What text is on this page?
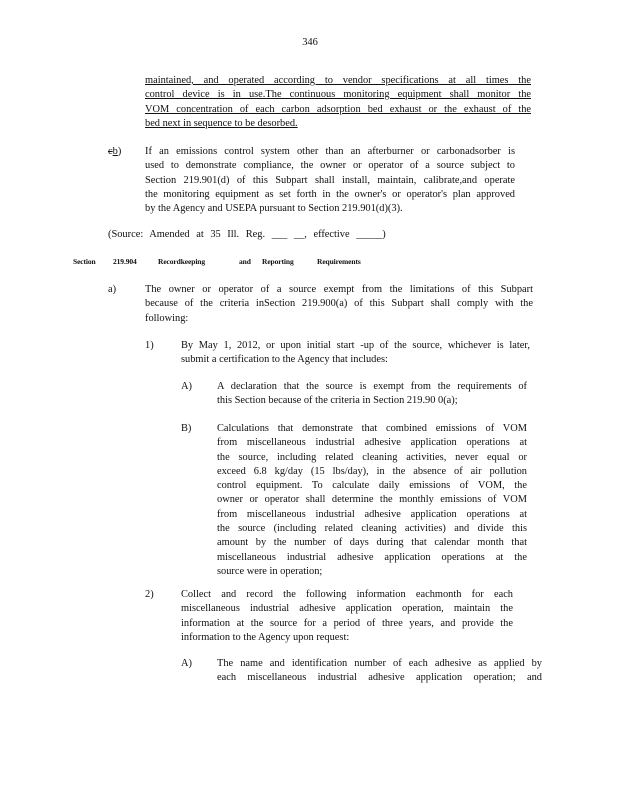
346
maintained, and operated according to vendor specifications at all times the
control device is in use.The continuous monitoring equipment shall monitor the
VOM concentration of each carbon adsorption bed exhaust or the exhaust of the
bed next in sequence to be desorbed.
cb) If an emissions control system other than an afterburner or carbonadsorber is
used to demonstrate compliance, the owner or operator of a source subject to
Section 219.901(d) of this Subpart shall install, maintain, calibrate,and operate
the monitoring equipment as set forth in the owner's or operator's plan approved
by the Agency and USEPA pursuant to Section 219.901(d)(3).
(Source: Amended at 35 Ill. Reg. ___ __, effective _____)
Section 219.904	Recordkeeping	and Reporting	Requirements
a)	The owner or operator of a source exempt from the limitations of this Subpart
because of the criteria inSection 219.900(a) of this Subpart shall comply with the
following:
1)	By May 1, 2012, or upon initial start -up of the source, whichever is later,
submit a certification to the Agency that includes:
A) A declaration that the source is exempt from the requirements of
this Section because of the criteria in Section 219.90 0(a);
B) Calculations that demonstrate that combined emissions of VOM
from miscellaneous industrial adhesive application operations at
the source, including related cleaning activities, never equal or
exceed 6.8 kg/day (15 lbs/day), in the absence of air pollution
control equipment. To calculate daily emissions of VOM, the
owner or operator shall determine the monthly emissions of VOM
from miscellaneous industrial adhesive application operations at
the source (including related cleaning activities) and divide this
amount by the number of days during that calendar month that
miscellaneous industrial adhesive application operations at the
source were in operation;
2)	Collect and record the following information eachmonth for each
miscellaneous industrial adhesive application operation, maintain the
information at the source for a period of three years, and provide the
information to the Agency upon request:
A) The name and identification number of each adhesive as applied by
each miscellaneous industrial adhesive application operation; and
